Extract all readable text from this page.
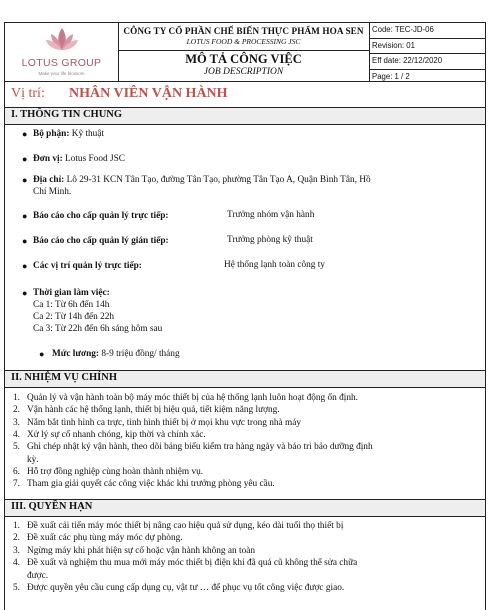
LOTUS GROUP
Make your life blossom
CÔNG TY CỔ PHẦN CHẾ BIẾN THỰC PHẨM HOA SEN
LOTUS FOOD & PROCESSING JSC
MÔ TẢ CÔNG VIỆC
JOB DESCRIPTION
Code: TEC-JD-06
Revision: 01
Eff date: 22/12/2020
Page: 1 / 2
Vị trí: NHÂN VIÊN VẬN HÀNH
I. THÔNG TIN CHUNG
● Bộ phận: Kỹ thuật
● Đơn vị: Lotus Food JSC
● Địa chỉ: Lô 29-31 KCN Tân Tạo, đường Tân Tạo, phường Tân Tạo A, Quận Bình Tân, Hồ
Chí Minh.
● Báo cáo cho cấp quản lý trực tiếp:	Trưởng nhóm vận hành
● Báo cáo cho cấp quản lý gián tiếp:	Trưởng phòng kỹ thuật
● Các vị trí quản lý trực tiếp:	Hệ thống lạnh toàn công ty
● Thời gian làm việc:
Ca 1: Từ 6h đến 14h
Ca 2: Từ 14h đến 22h
Ca 3: Từ 22h đến 6h sáng hôm sau
● Mức lương: 8-9 triệu đồng/ tháng
II. NHIỆM VỤ CHÍNH
1. Quản lý và vận hành toàn bộ máy móc thiết bị của hệ thống lạnh luôn hoạt động ổn định.
2. Vận hành các hệ thống lạnh, thiết bị hiệu quả, tiết kiệm năng lượng.
3. Nắm bắt tình hình ca trực, tình hình thiết bị ở mọi khu vực trong nhà máy
4. Xử lý sự cố nhanh chóng, kịp thời và chính xác.
5. Ghi chép nhật ký vận hành, theo dõi bảng biểu kiểm tra hàng ngày và báo trì bảo dưỡng định
kỳ.
6. Hỗ trợ đồng nghiệp cùng hoàn thành nhiệm vụ.
7. Tham gia giải quyết các công việc khác khi trưởng phòng yêu cầu.
III. QUYỀN HẠN
1. Đề xuất cải tiến máy móc thiết bị nâng cao hiệu quả sử dụng, kéo dài tuổi thọ thiết bị
2. Đề xuất các phụ tùng máy móc dự phòng.
3. Ngừng máy khi phát hiện sự cố hoặc vận hành không an toàn
4. Đề xuất và nghiệm thu mua mới máy móc thiết bị điện khi đã quá cũ không thể sửa chữa
được.
5. Được quyền yêu cầu cung cấp dụng cụ, vật tư … để phục vụ tốt công việc được giao.
